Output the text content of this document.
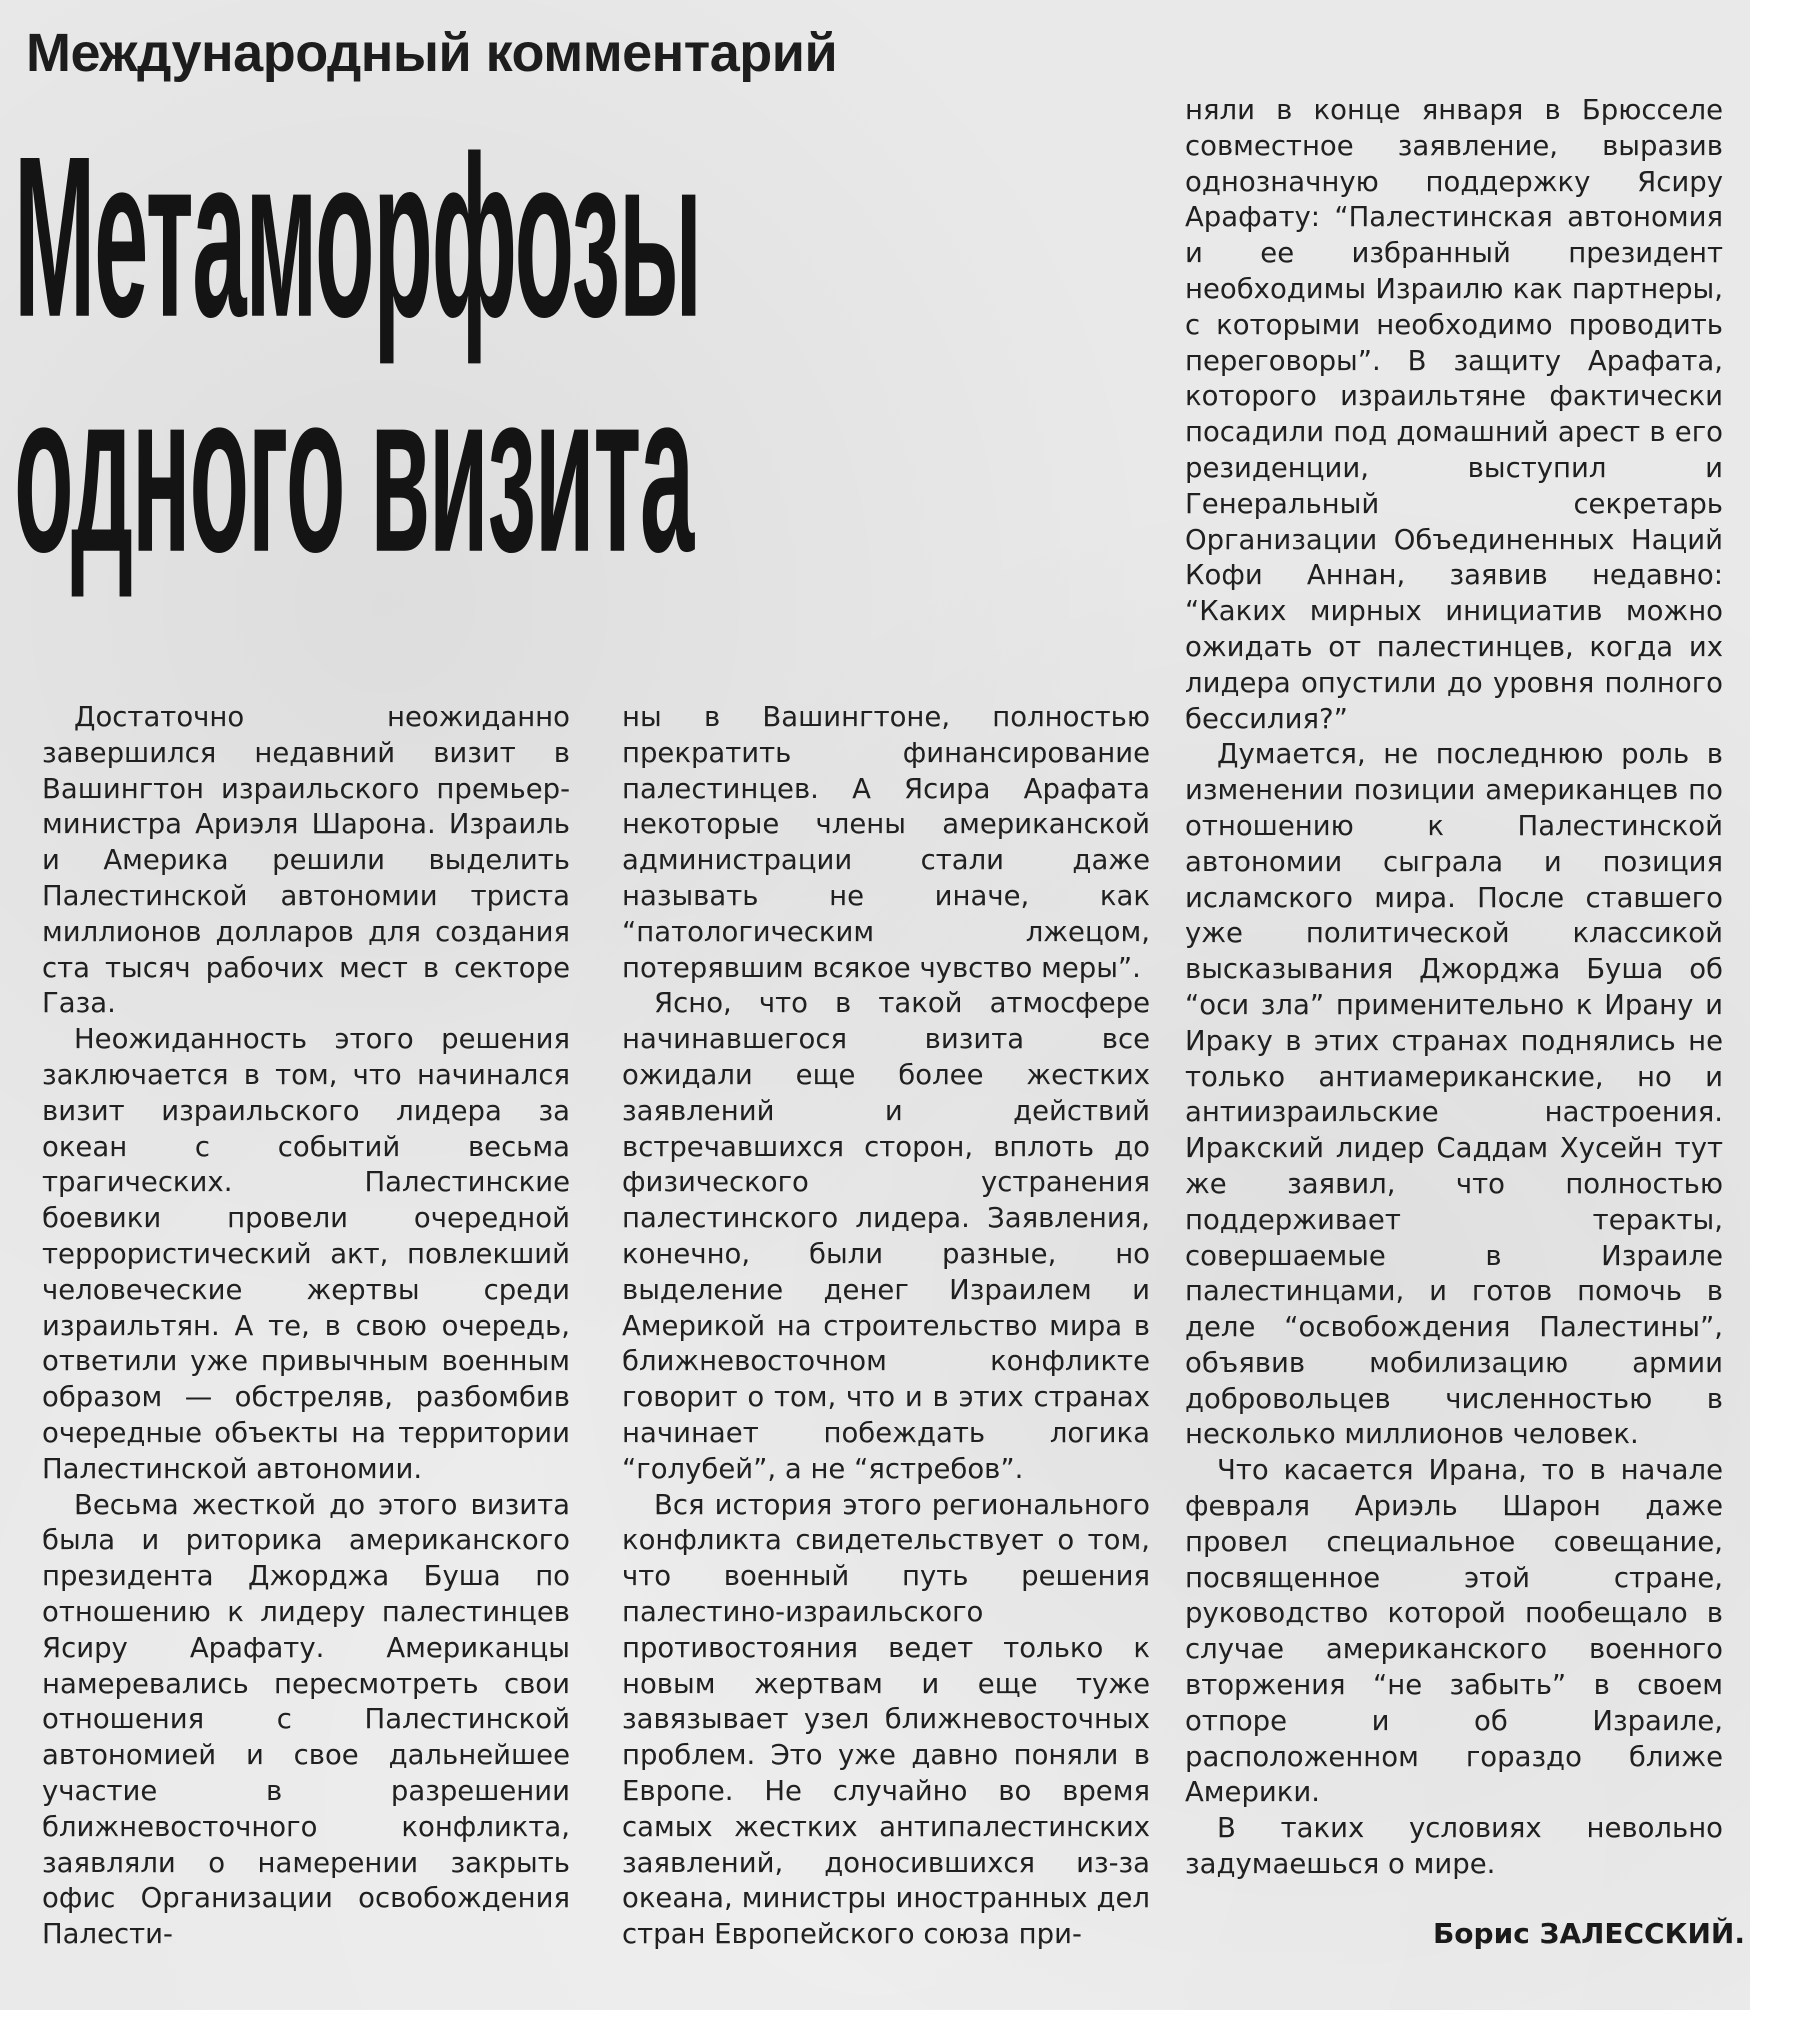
Международный комментарий
Метаморфозы
одного визита

Достаточно неожиданно завершился недавний визит в Вашингтон израильского премьер-министра Ариэля Шарона. Израиль и Америка решили выделить Палестинской автономии триста миллионов долларов для создания ста тысяч рабочих мест в секторе Газа.

Неожиданность этого решения заключается в том, что начинался визит израильского лидера за океан с событий весьма трагических. Палестинские боевики провели очередной террористический акт, повлекший человеческие жертвы среди израильтян. А те, в свою очередь, ответили уже привычным военным образом — обстреляв, разбомбив очередные объекты на территории Палестинской автономии.

Весьма жесткой до этого визита была и риторика американского президента Джорджа Буша по отношению к лидеру палестинцев Ясиру Арафату. Американцы намеревались пересмотреть свои отношения с Палестинской автономией и свое дальнейшее участие в разрешении ближневосточного конфликта, заявляли о намерении закрыть офис Организации освобождения Палести-

ны в Вашингтоне, полностью прекратить финансирование палестинцев. А Ясира Арафата некоторые члены американской администрации стали даже называть не иначе, как “патологическим лжецом, потерявшим всякое чувство меры”.

Ясно, что в такой атмосфере начинавшегося визита все ожидали еще более жестких заявлений и действий встречавшихся сторон, вплоть до физического устранения палестинского лидера. Заявления, конечно, были разные, но выделение денег Израилем и Америкой на строительство мира в ближневосточном конфликте говорит о том, что и в этих странах начинает побеждать логика “голубей”, а не “ястребов”.

Вся история этого регионального конфликта свидетельствует о том, что военный путь решения палестино-израильского противостояния ведет только к новым жертвам и еще туже завязывает узел ближневосточных проблем. Это уже давно поняли в Европе. Не случайно во время самых жестких антипалестинских заявлений, доносившихся из-за океана, министры иностранных дел стран Европейского союза при-

няли в конце января в Брюсселе совместное заявление, выразив однозначную поддержку Ясиру Арафату: “Палестинская автономия и ее избранный президент необходимы Израилю как партнеры, с которыми необходимо проводить переговоры”. В защиту Арафата, которого израильтяне фактически посадили под домашний арест в его резиденции, выступил и Генеральный секретарь Организации Объединенных Наций Кофи Аннан, заявив недавно: “Каких мирных инициатив можно ожидать от палестинцев, когда их лидера опустили до уровня полного бессилия?”

Думается, не последнюю роль в изменении позиции американцев по отношению к Палестинской автономии сыграла и позиция исламского мира. После ставшего уже политической классикой высказывания Джорджа Буша об “оси зла” применительно к Ирану и Ираку в этих странах поднялись не только антиамериканские, но и антиизраильские настроения. Иракский лидер Саддам Хусейн тут же заявил, что полностью поддерживает теракты, совершаемые в Израиле палестинцами, и готов помочь в деле “освобождения Палестины”, объявив мобилизацию армии добровольцев численностью в несколько миллионов человек.

Что касается Ирана, то в начале февраля Ариэль Шарон даже провел специальное совещание, посвященное этой стране, руководство которой пообещало в случае американского военного вторжения “не забыть” в своем отпоре и об Израиле, расположенном гораздо ближе Америки.

В таких условиях невольно задумаешься о мире.

Борис ЗАЛЕССКИЙ.
